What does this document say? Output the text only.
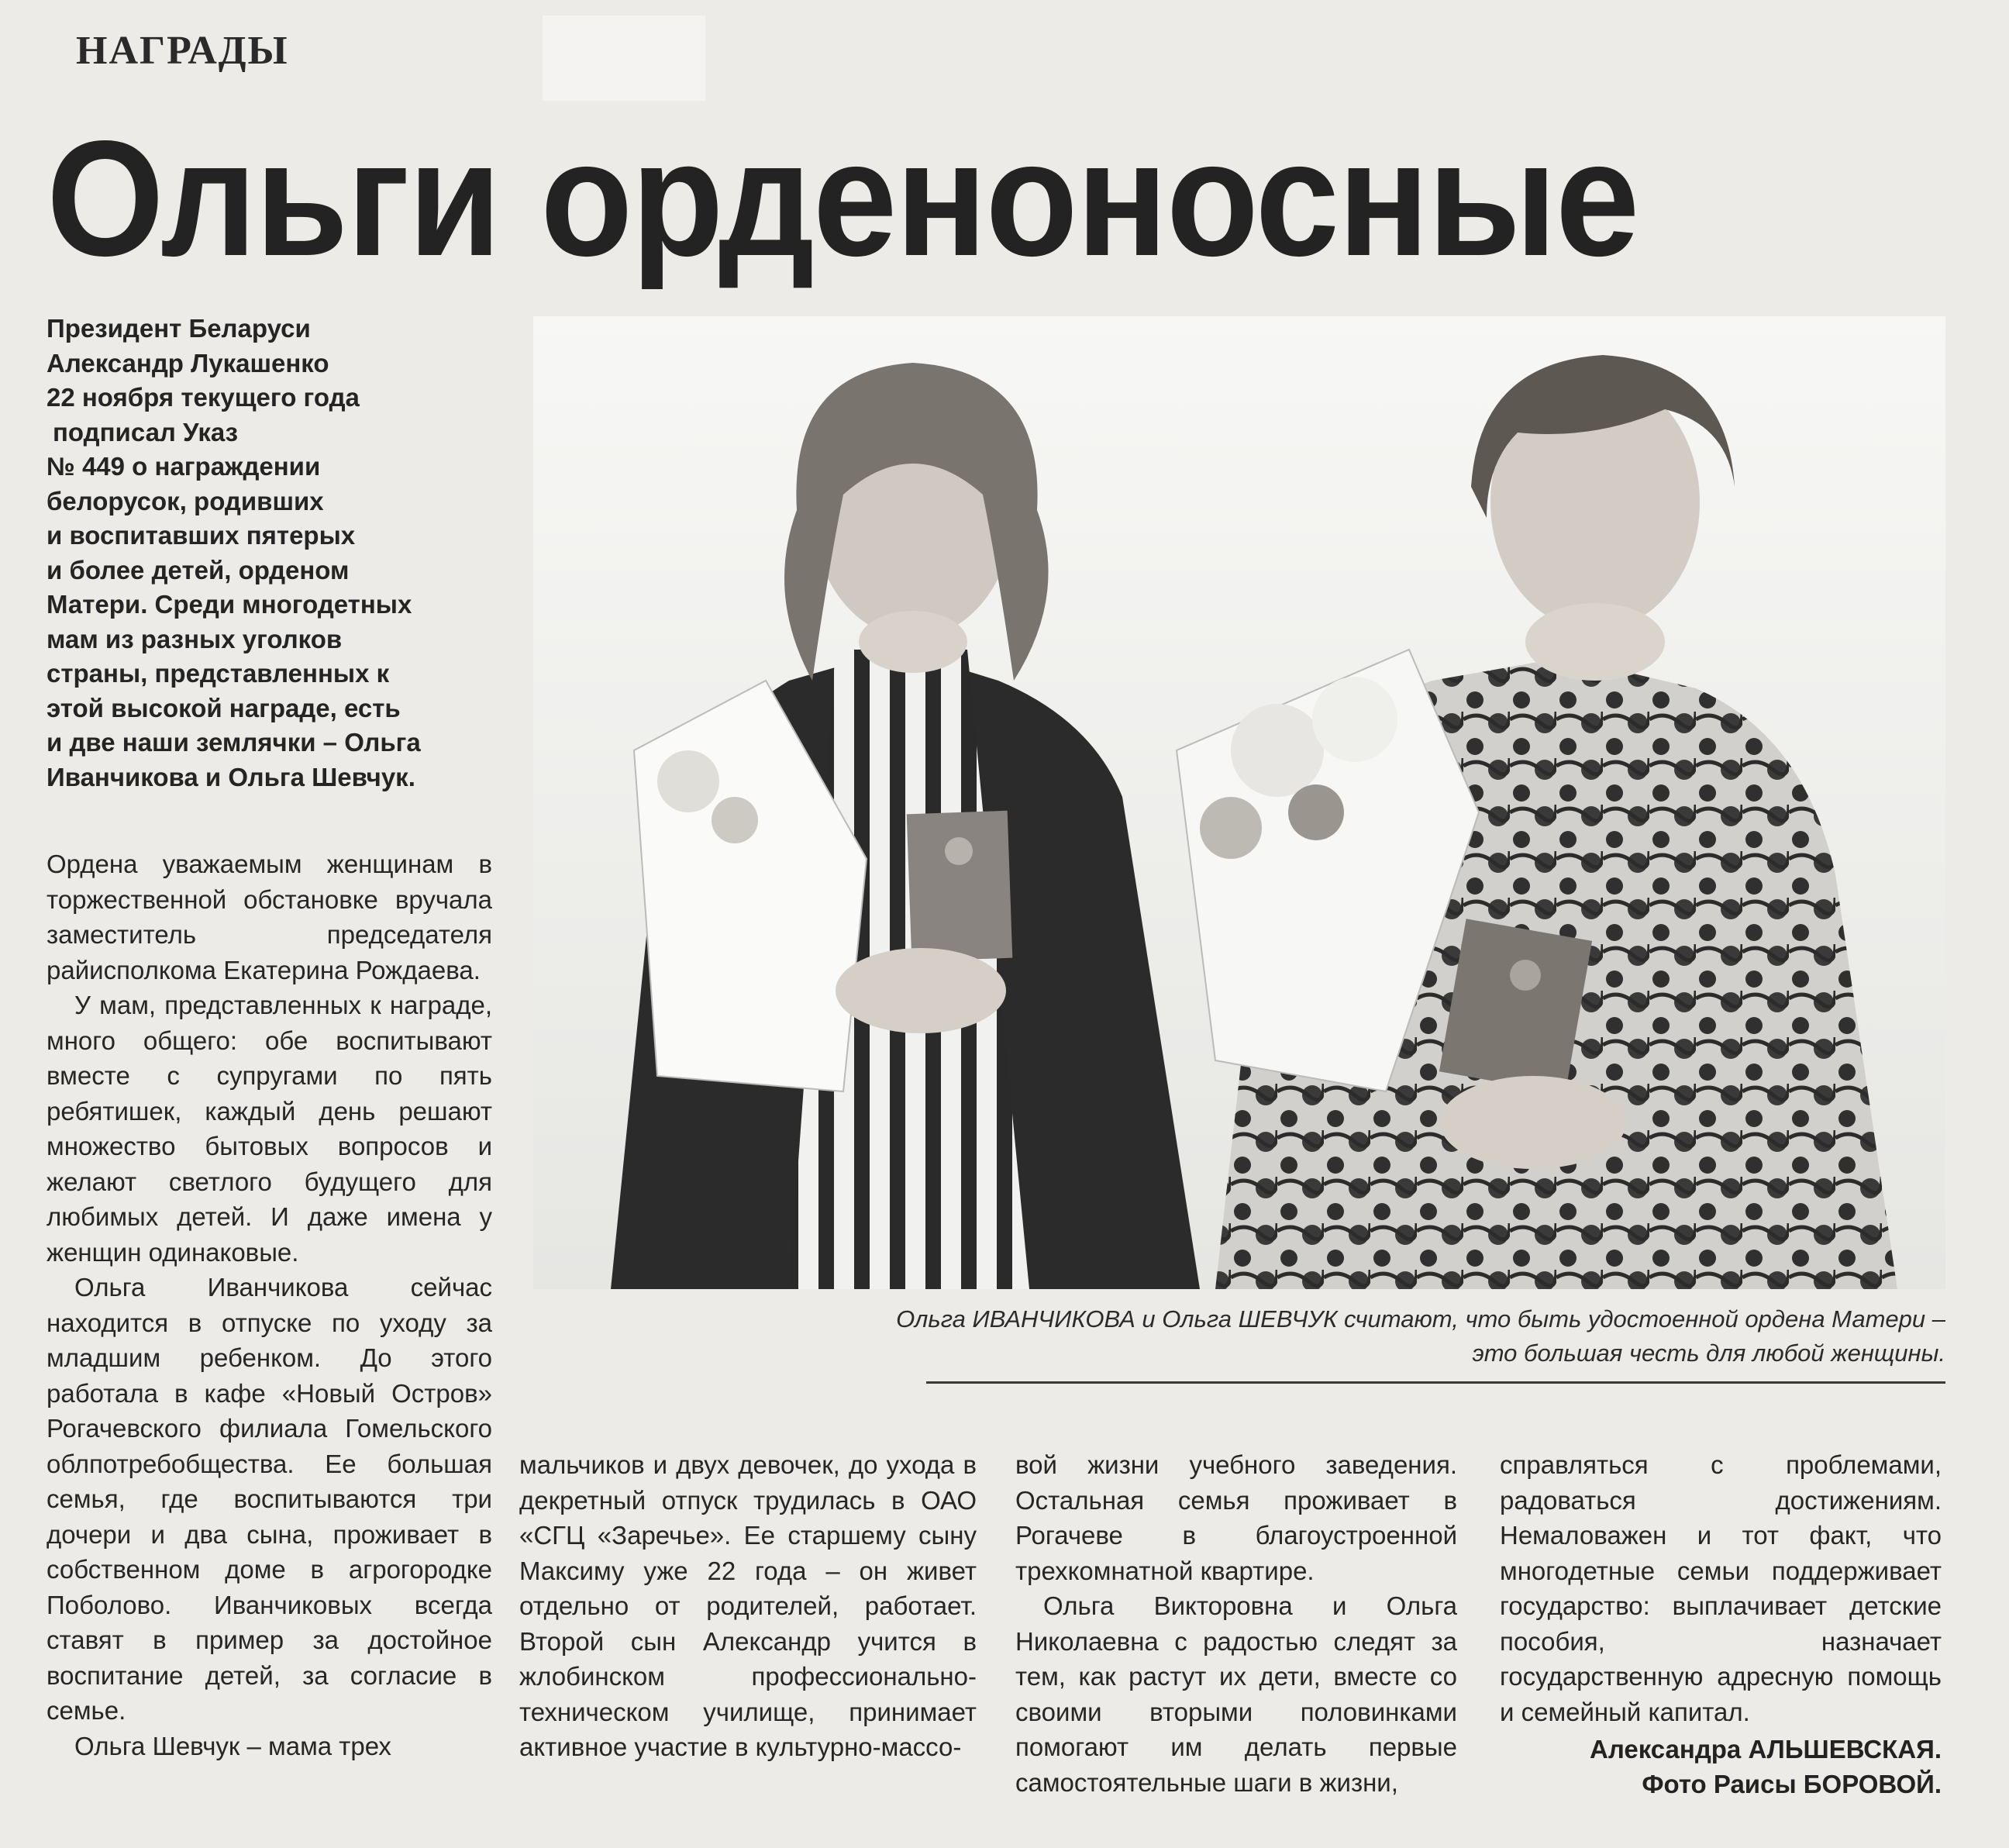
НАГРАДЫ
Ольги орденоносные

Президент Беларуси

Александр Лукашенко

22 ноября текущего года

подписал Указ

№ 449 о награждении

белорусок, родивших

и воспитавших пятерых

и более детей, орденом

Матери. Среди многодетных

мам из разных уголков

страны, представленных к

этой высокой награде, есть

и две наши землячки – Ольга

Иванчикова и Ольга Шевчук.

Ольга ИВАНЧИКОВА и Ольга ШЕВЧУК считают, что быть удостоенной ордена Матери –
это большая честь для любой женщины.

Ордена уважаемым женщинам в торжественной обстановке вручала заместитель председателя райисполкома Екатерина Рождаева.

У мам, представленных к награде, много общего: обе воспитывают вместе с супругами по пять ребятишек, каждый день решают множество бытовых вопросов и желают светлого будущего для любимых детей. И даже имена у женщин одинаковые.

Ольга Иванчикова сейчас находится в отпуске по уходу за младшим ребенком. До этого работала в кафе «Новый Остров» Рогачевского филиала Гомельского облпотребобщества. Ее большая семья, где воспитываются три дочери и два сына, проживает в собственном доме в агрогородке Поболово. Иванчиковых всегда ставят в пример за достойное воспитание детей, за согласие в семье.

Ольга Шевчук – мама трех

мальчиков и двух девочек, до ухода в декретный отпуск трудилась в ОАО «СГЦ «Заречье». Ее старшему сыну Максиму уже 22 года – он живет отдельно от родителей, работает. Второй сын Александр учится в жлобинском профессионально-техническом училище, принимает активное участие в культурно-массо-

вой жизни учебного заведения. Остальная семья проживает в Рогачеве в благоустроенной трехкомнатной квартире.

Ольга Викторовна и Ольга Николаевна с радостью следят за тем, как растут их дети, вместе со своими вторыми половинками помогают им делать первые самостоятельные шаги в жизни,

справляться с проблемами, радоваться достижениям. Немаловажен и тот факт, что многодетные семьи поддерживает государство: выплачивает детские пособия, назначает государственную адресную помощь и семейный капитал.

Александра АЛЬШЕВСКАЯ.
Фото Раисы БОРОВОЙ.
